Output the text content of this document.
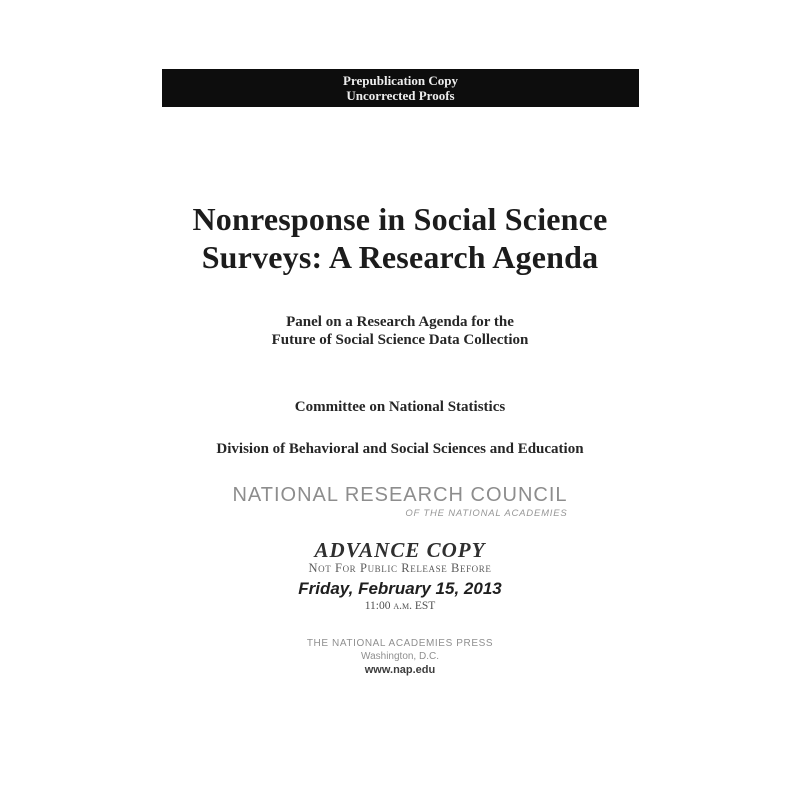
Prepublication Copy
Uncorrected Proofs
Nonresponse in Social Science
Surveys: A Research Agenda
Panel on a Research Agenda for the
Future of Social Science Data Collection
Committee on National Statistics
Division of Behavioral and Social Sciences and Education
NATIONAL RESEARCH COUNCIL
OF THE NATIONAL ACADEMIES
ADVANCE COPY
Not For Public Release Before
Friday, February 15, 2013
11:00 a.m. EST
THE NATIONAL ACADEMIES PRESS
Washington, D.C.
www.nap.edu
